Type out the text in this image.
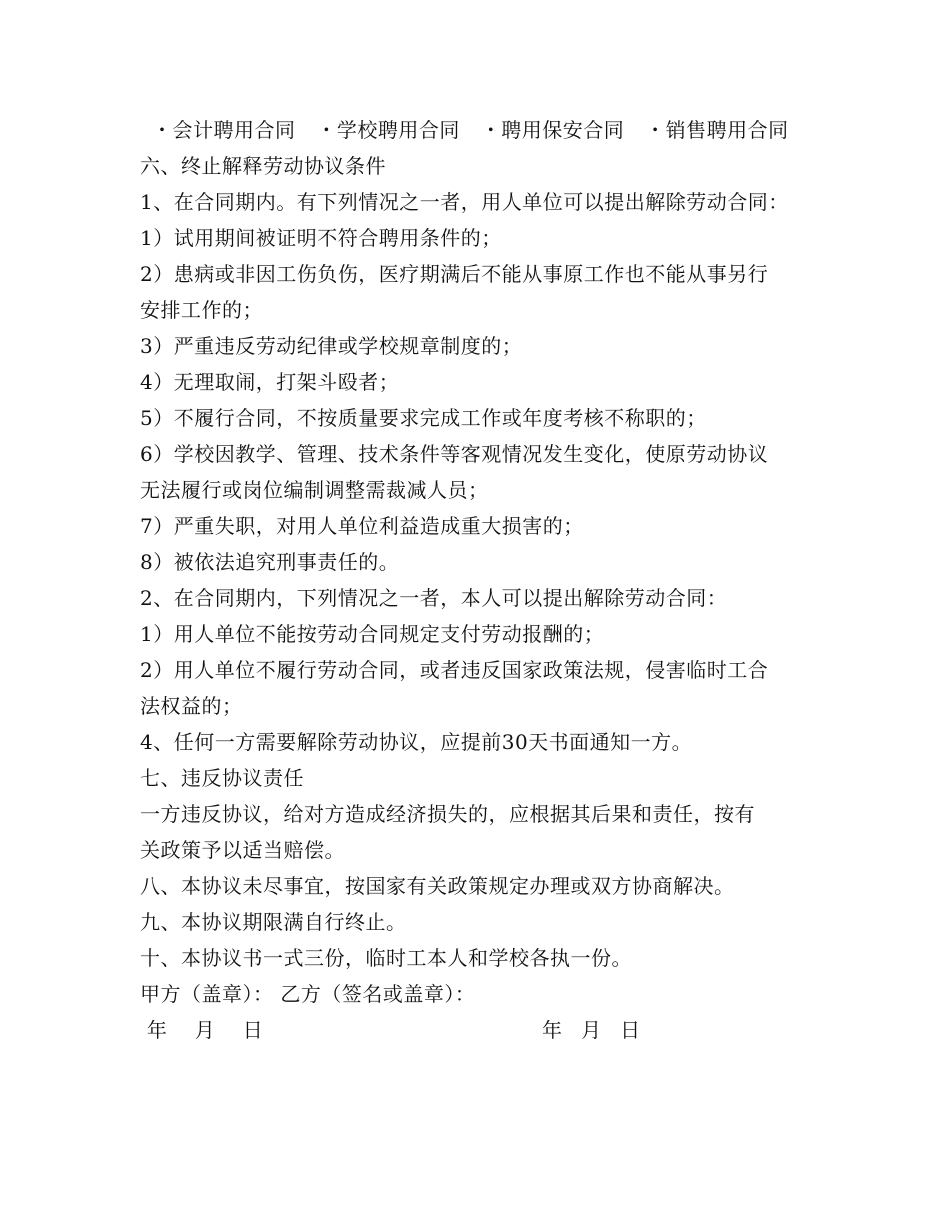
・会计聘用合同 ・学校聘用合同 ・聘用保安合同 ・销售聘用合同
六、终止解释劳动协议条件
1、在合同期内。有下列情况之一者，用人单位可以提出解除劳动合同：
1）试用期间被证明不符合聘用条件的；
2）患病或非因工伤负伤，医疗期满后不能从事原工作也不能从事另行
安排工作的；
3）严重违反劳动纪律或学校规章制度的；
4）无理取闹，打架斗殴者；
5）不履行合同，不按质量要求完成工作或年度考核不称职的；
6）学校因教学、管理、技术条件等客观情况发生变化，使原劳动协议
无法履行或岗位编制调整需裁减人员；
7）严重失职，对用人单位利益造成重大损害的；
8）被依法追究刑事责任的。
2、在合同期内，下列情况之一者，本人可以提出解除劳动合同：
1）用人单位不能按劳动合同规定支付劳动报酬的；
2）用人单位不履行劳动合同，或者违反国家政策法规，侵害临时工合
法权益的；
4、任何一方需要解除劳动协议，应提前30天书面通知一方。
七、违反协议责任
一方违反协议，给对方造成经济损失的，应根据其后果和责任，按有
关政策予以适当赔偿。
八、本协议未尽事宜，按国家有关政策规定办理或双方协商解决。
九、本协议期限满自行终止。
十、本协议书一式三份，临时工本人和学校各执一份。
甲方（盖章）： 乙方（签名或盖章）：
年    月    日	年   月   日
